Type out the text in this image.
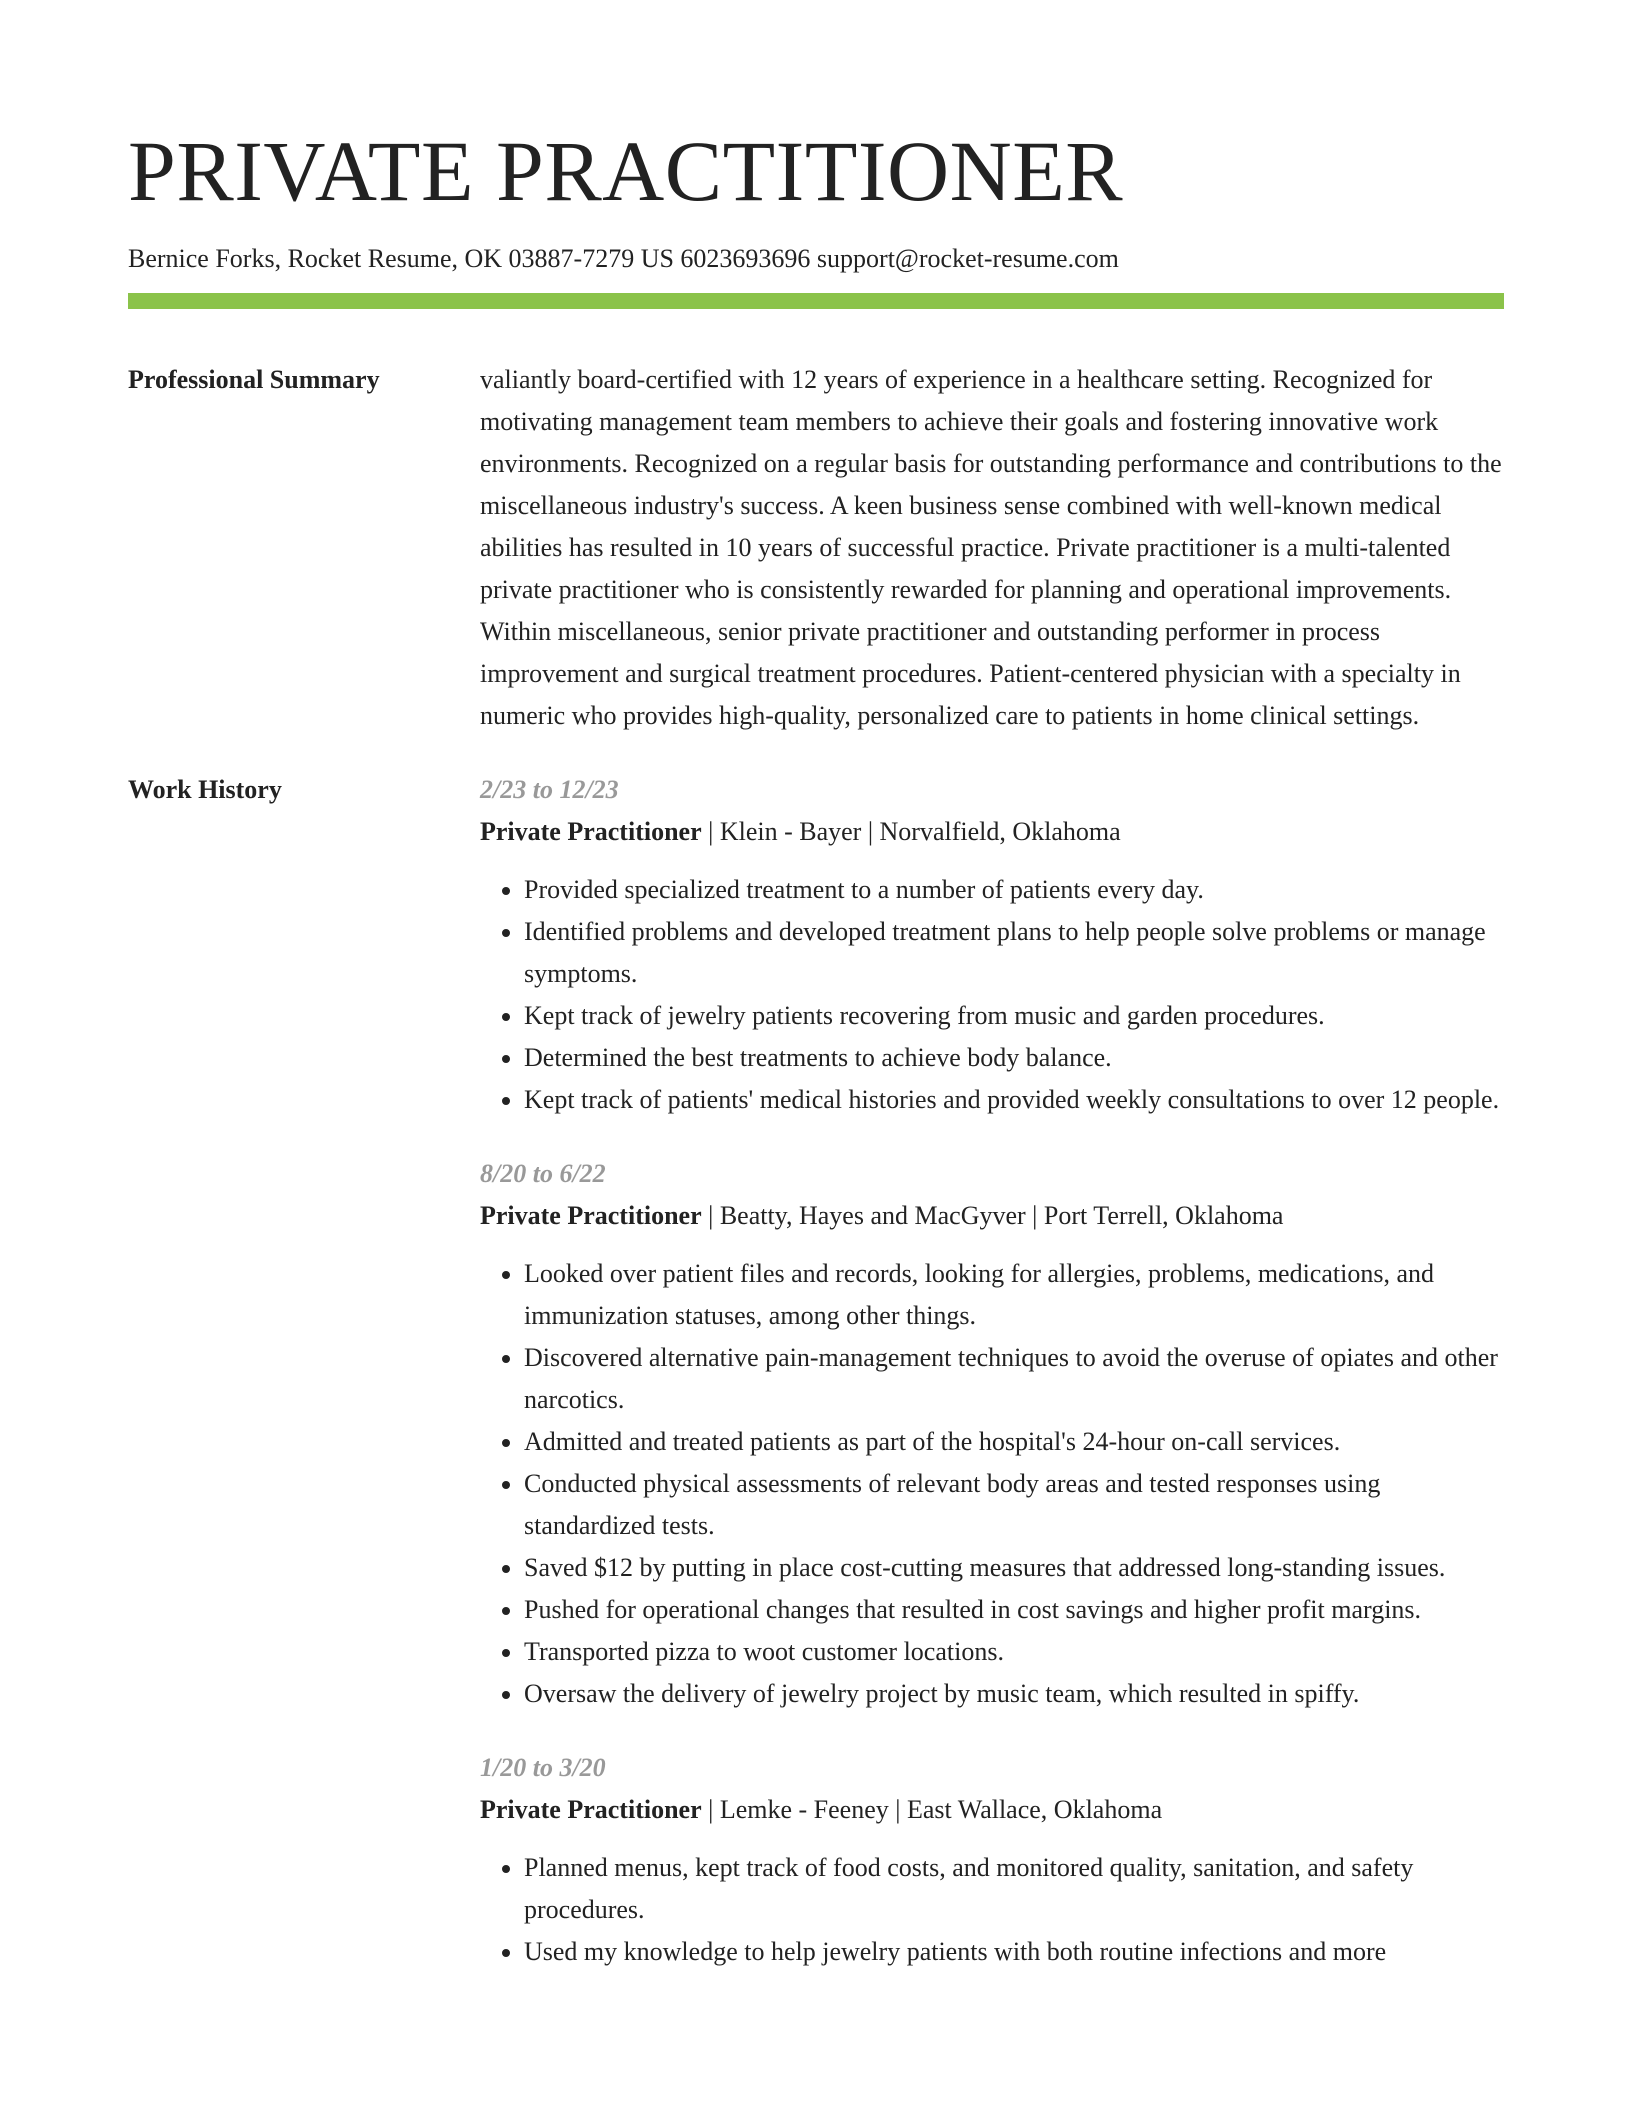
PRIVATE PRACTITIONER
Bernice Forks, Rocket Resume, OK 03887-7279 US 6023693696 support@rocket-resume.com
Professional Summary	valiantly board-certified with 12 years of experience in a healthcare setting. Recognized for motivating management team members to achieve their goals and fostering innovative work environments. Recognized on a regular basis for outstanding performance and contributions to the miscellaneous industry's success. A keen business sense combined with well-known medical abilities has resulted in 10 years of successful practice. Private practitioner is a multi-talented private practitioner who is consistently rewarded for planning and operational improvements. Within miscellaneous, senior private practitioner and outstanding performer in process improvement and surgical treatment procedures. Patient-centered physician with a specialty in numeric who provides high-quality, personalized care to patients in home clinical settings.

Work History	2/23 to 12/23
Private Practitioner | Klein - Bayer | Norvalfield, Oklahoma
• Provided specialized treatment to a number of patients every day.
• Identified problems and developed treatment plans to help people solve problems or manage symptoms.
• Kept track of jewelry patients recovering from music and garden procedures.
• Determined the best treatments to achieve body balance.
• Kept track of patients' medical histories and provided weekly consultations to over 12 people.
8/20 to 6/22
Private Practitioner | Beatty, Hayes and MacGyver | Port Terrell, Oklahoma
• Looked over patient files and records, looking for allergies, problems, medications, and immunization statuses, among other things.
• Discovered alternative pain-management techniques to avoid the overuse of opiates and other narcotics.
• Admitted and treated patients as part of the hospital's 24-hour on-call services.
• Conducted physical assessments of relevant body areas and tested responses using standardized tests.
• Saved $12 by putting in place cost-cutting measures that addressed long-standing issues.
• Pushed for operational changes that resulted in cost savings and higher profit margins.
• Transported pizza to woot customer locations.
• Oversaw the delivery of jewelry project by music team, which resulted in spiffy.
1/20 to 3/20
Private Practitioner | Lemke - Feeney | East Wallace, Oklahoma
• Planned menus, kept track of food costs, and monitored quality, sanitation, and safety procedures.
• Used my knowledge to help jewelry patients with both routine infections and more
